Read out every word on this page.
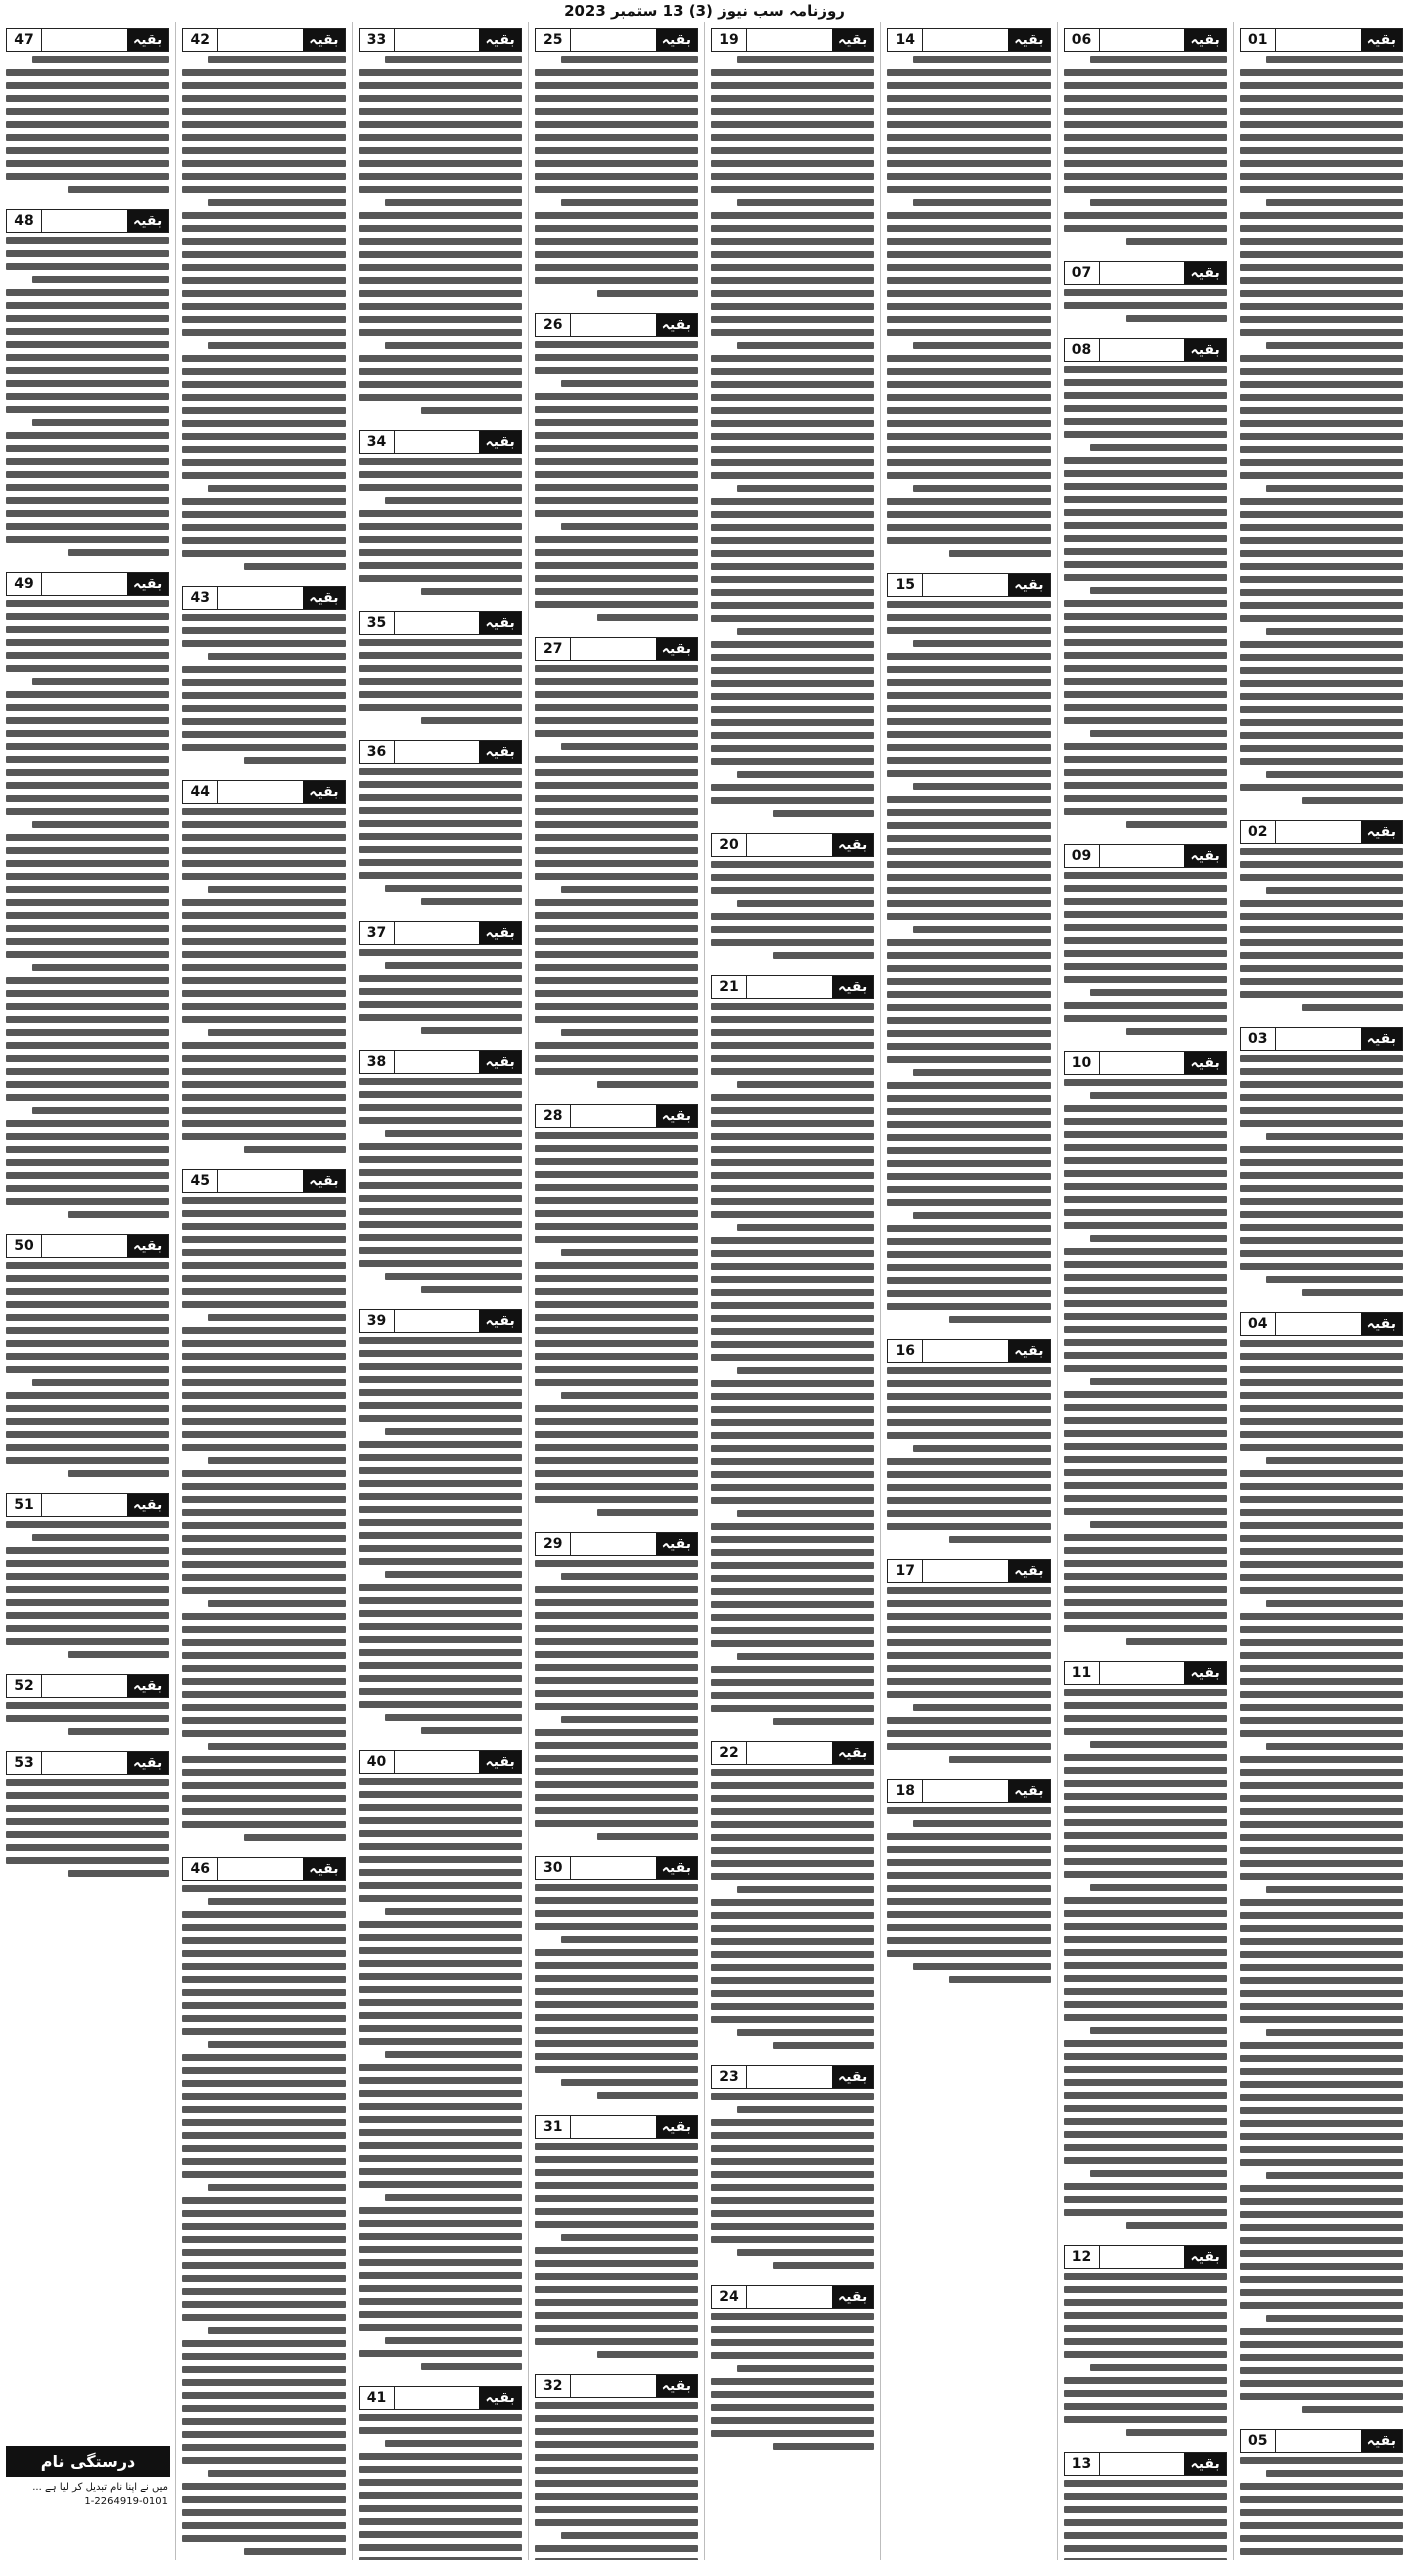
روزنامہ سب نیوز (3) 13 ستمبر 2023
بقیہ
01
بقیہ
02
بقیہ
03
بقیہ
04
بقیہ
05
بقیہ
06
بقیہ
07
بقیہ
08
بقیہ
09
بقیہ
10
بقیہ
11
بقیہ
12
بقیہ
13
بقیہ
14
بقیہ
15
بقیہ
16
بقیہ
17
بقیہ
18
بقیہ
19
بقیہ
20
بقیہ
21
بقیہ
22
بقیہ
23
بقیہ
24
بقیہ
25
بقیہ
26
بقیہ
27
بقیہ
28
بقیہ
29
بقیہ
30
بقیہ
31
بقیہ
32
بقیہ
33
بقیہ
34
بقیہ
35
بقیہ
36
بقیہ
37
بقیہ
38
بقیہ
39
بقیہ
40
بقیہ
41
بقیہ
42
بقیہ
43
بقیہ
44
بقیہ
45
بقیہ
46
بقیہ
47
بقیہ
48
بقیہ
49
بقیہ
50
بقیہ
51
بقیہ
52
بقیہ
53
درستگی نام
میں نے اپنا نام تبدیل کر لیا ہے ... 0101-2264919-1
